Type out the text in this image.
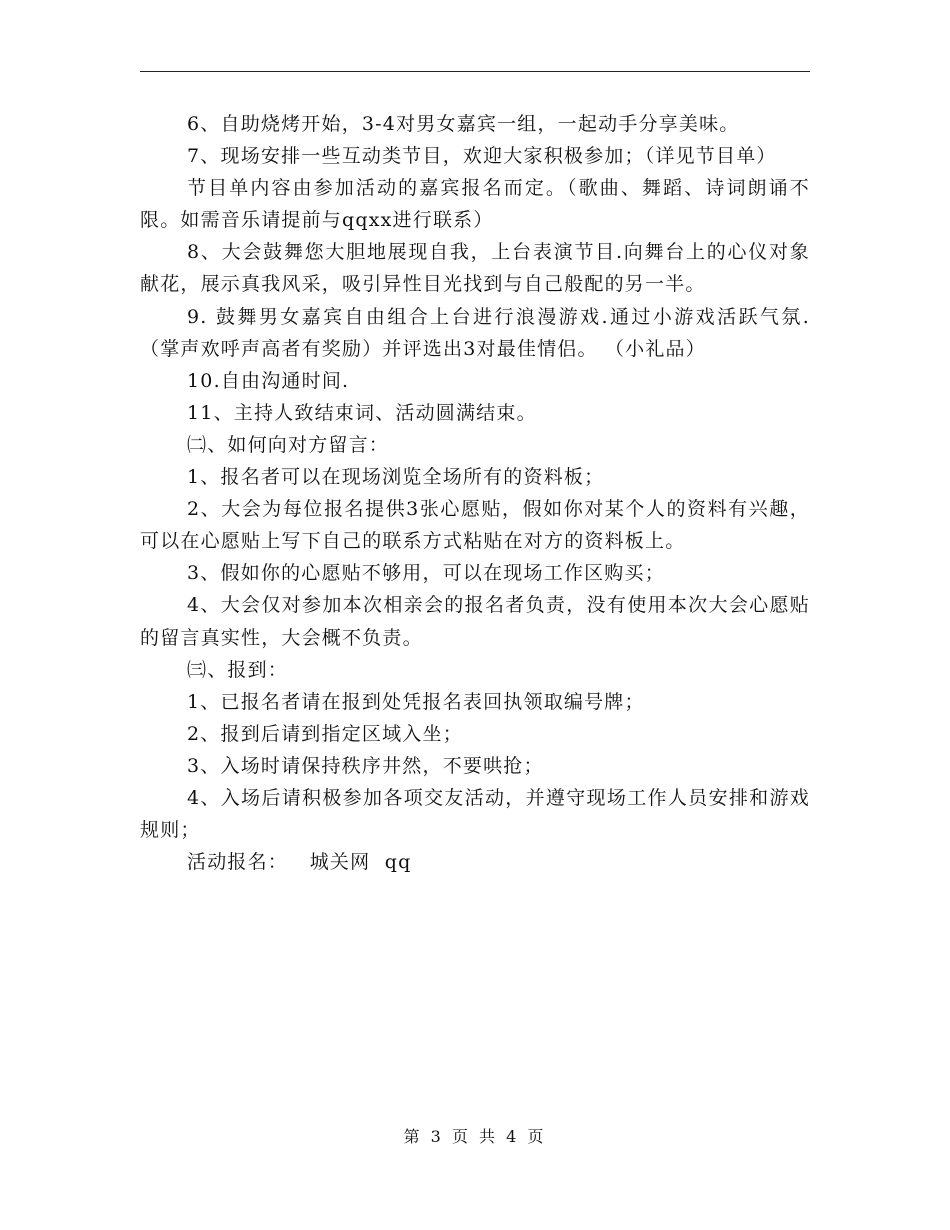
6、自助烧烤开始，3-4对男女嘉宾一组，一起动手分享美味。

7、现场安排一些互动类节目，欢迎大家积极参加；（详见节目单）

节目单内容由参加活动的嘉宾报名而定。（歌曲、舞蹈、诗词朗诵不限。如需音乐请提前与qqxx进行联系）

8、大会鼓舞您大胆地展现自我，上台表演节目.向舞台上的心仪对象献花，展示真我风采，吸引异性目光找到与自己般配的另一半。

9. 鼓舞男女嘉宾自由组合上台进行浪漫游戏.通过小游戏活跃气氛.（掌声欢呼声高者有奖励）并评选出3对最佳情侣。 （小礼品）

10.自由沟通时间.

11、主持人致结束词、活动圆满结束。

㈡、如何向对方留言：

1、报名者可以在现场浏览全场所有的资料板；

2、大会为每位报名提供3张心愿贴，假如你对某个人的资料有兴趣，可以在心愿贴上写下自己的联系方式粘贴在对方的资料板上。

3、假如你的心愿贴不够用，可以在现场工作区购买；

4、大会仅对参加本次相亲会的报名者负责，没有使用本次大会心愿贴的留言真实性，大会概不负责。

㈢、报到：

1、已报名者请在报到处凭报名表回执领取编号牌；

2、报到后请到指定区域入坐；

3、入场时请保持秩序井然，不要哄抢；

4、入场后请积极参加各项交友活动，并遵守现场工作人员安排和游戏规则；

活动报名：   城关网  qq

第 3 页 共 4 页
